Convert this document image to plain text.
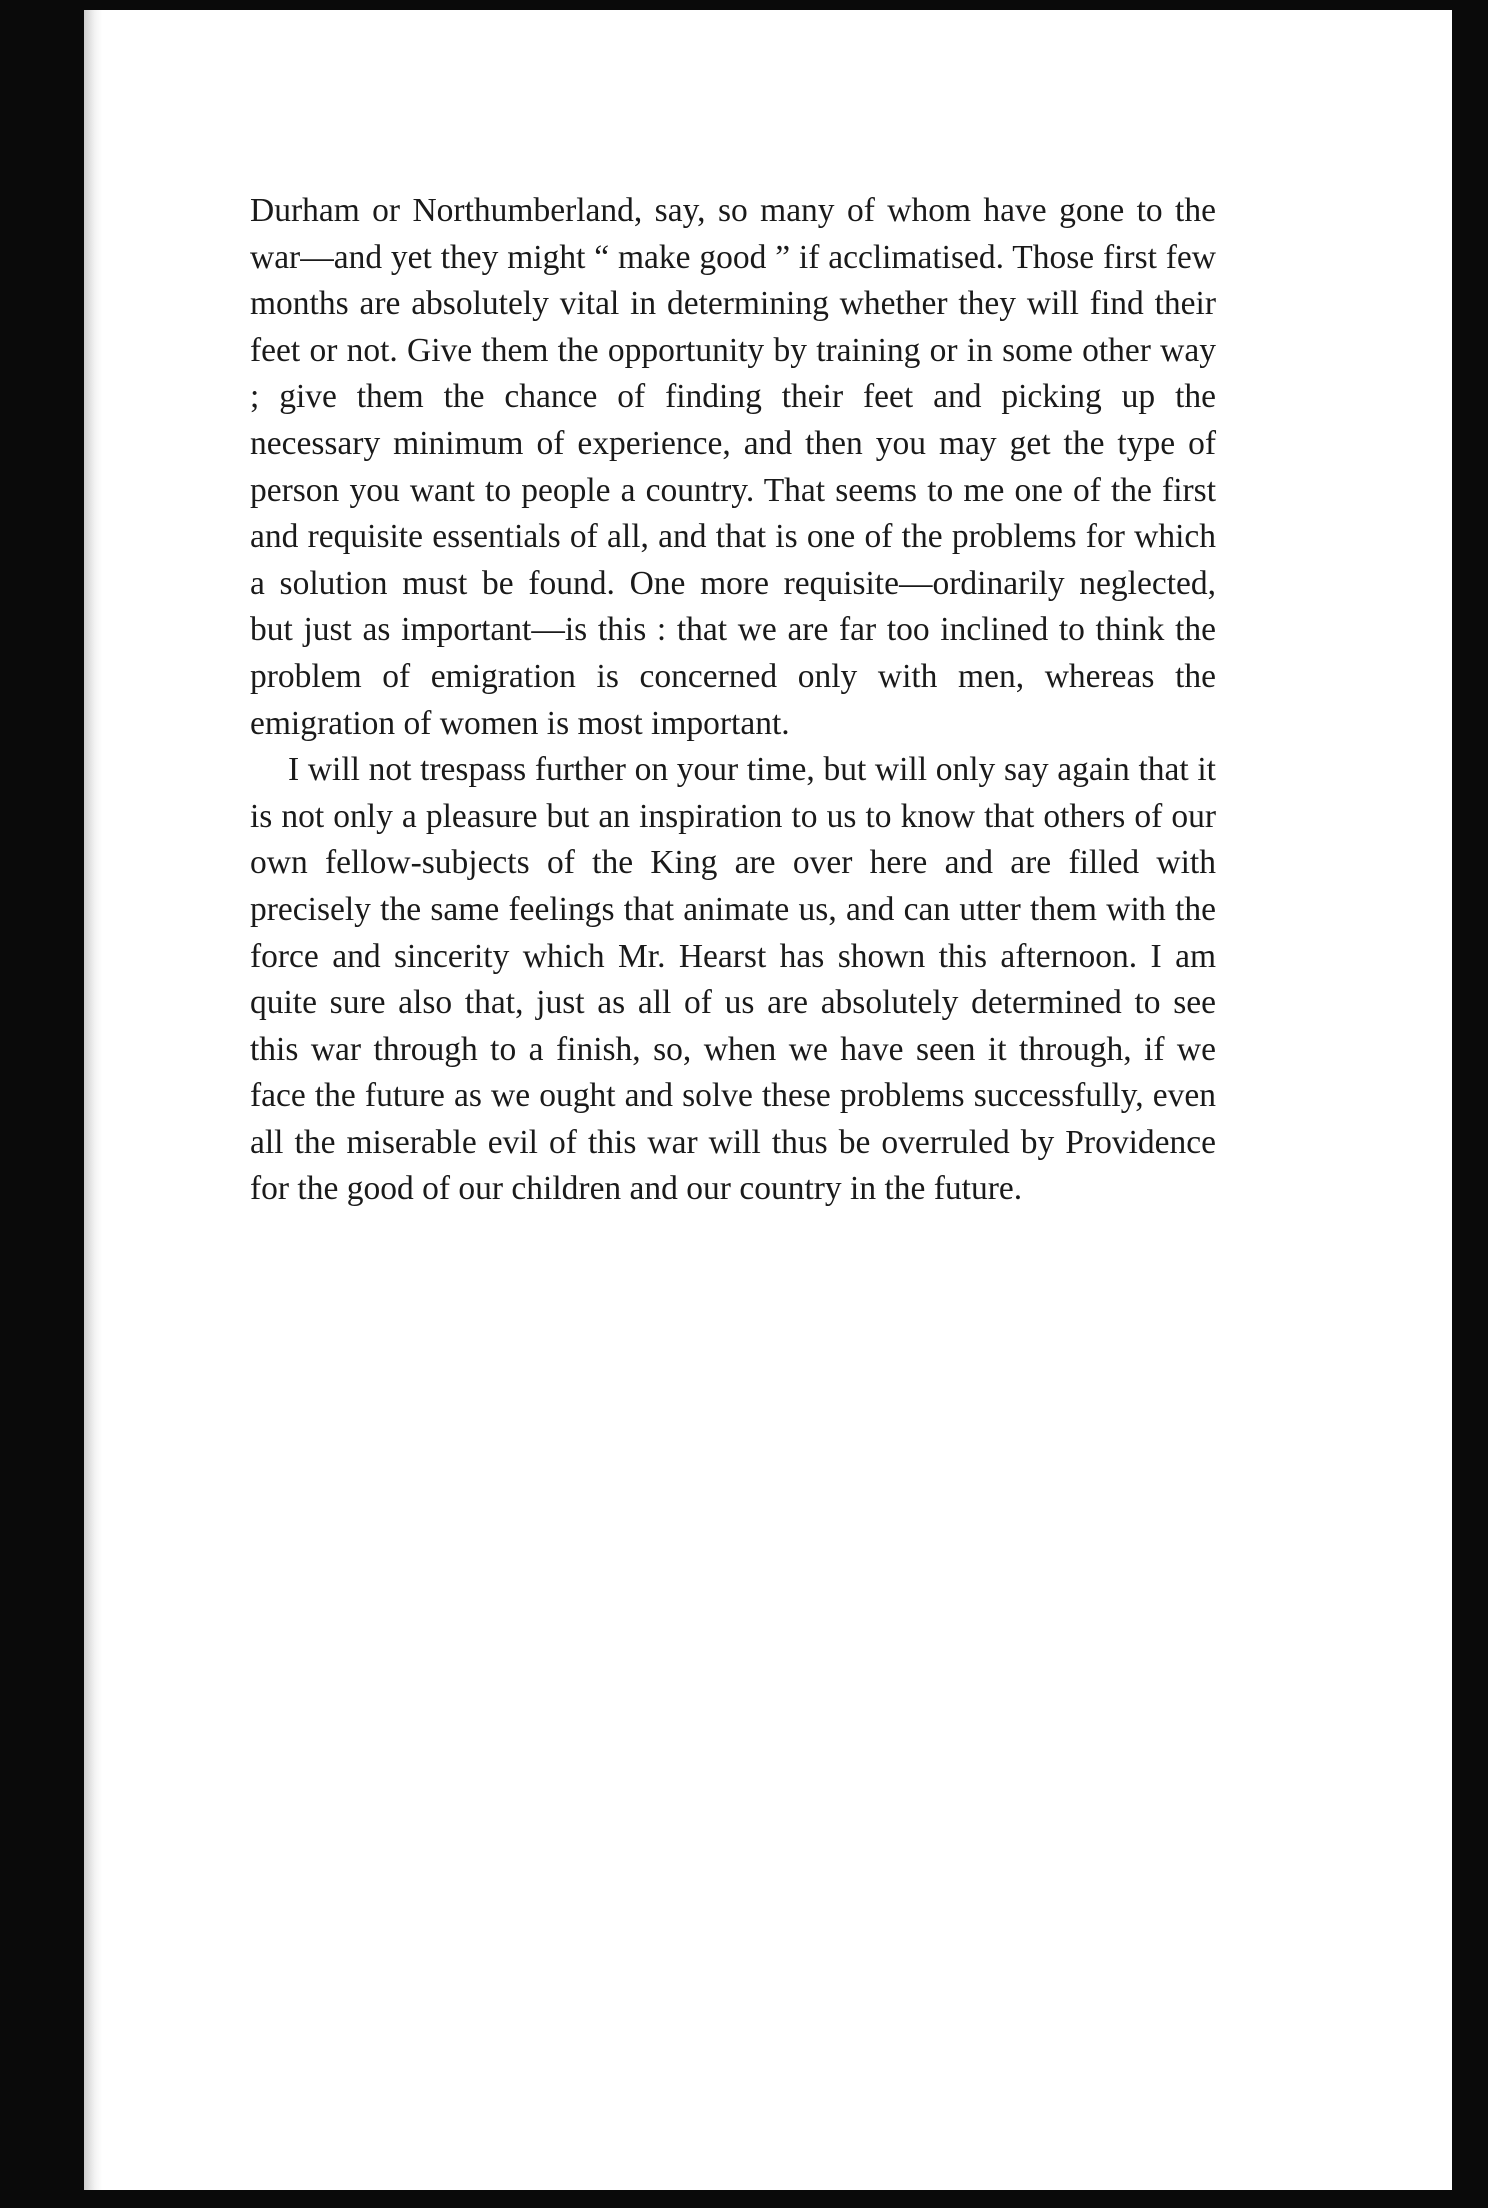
Durham or Northumberland, say, so many of whom have gone to the war—and yet they might “ make good ” if acclimatised. Those first few months are absolutely vital in determining whether they will find their feet or not. Give them the opportunity by training or in some other way ; give them the chance of finding their feet and picking up the necessary minimum of experience, and then you may get the type of person you want to people a country. That seems to me one of the first and requisite essentials of all, and that is one of the problems for which a solution must be found. One more requisite—ordinarily neglected, but just as important—is this : that we are far too inclined to think the problem of emigration is concerned only with men, whereas the emigration of women is most important.

I will not trespass further on your time, but will only say again that it is not only a pleasure but an inspiration to us to know that others of our own fellow-subjects of the King are over here and are filled with precisely the same feelings that animate us, and can utter them with the force and sincerity which Mr. Hearst has shown this afternoon. I am quite sure also that, just as all of us are absolutely determined to see this war through to a finish, so, when we have seen it through, if we face the future as we ought and solve these problems successfully, even all the miserable evil of this war will thus be overruled by Providence for the good of our children and our country in the future.
